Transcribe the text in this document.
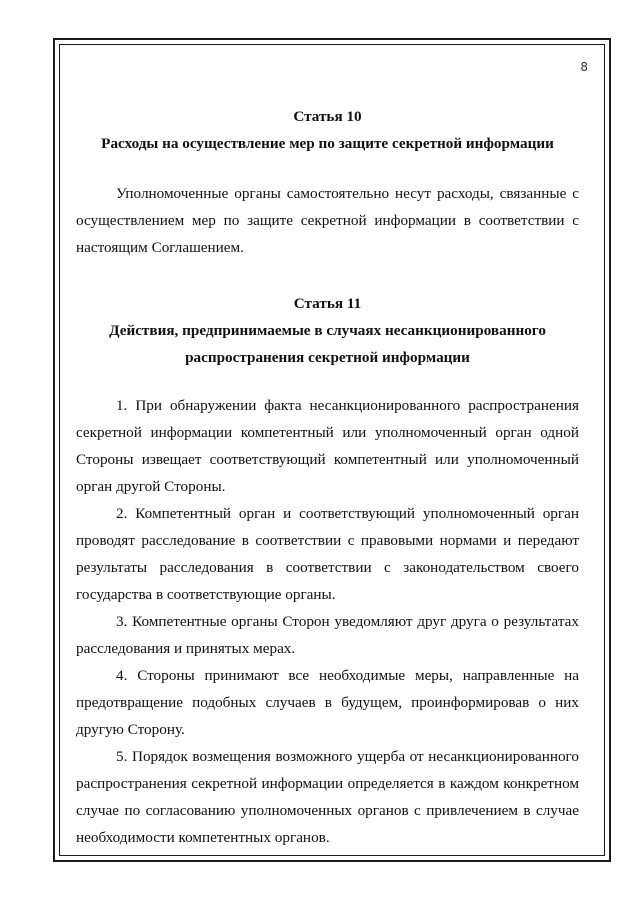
8

Статья 10

Расходы на осуществление мер по защите секретной информации

Уполномоченные органы самостоятельно несут расходы, связанные с осуществлением мер по защите секретной информации в соответствии с настоящим Соглашением.

Статья 11

Действия, предпринимаемые в случаях несанкционированного

распространения секретной информации

1. При обнаружении факта несанкционированного распространения секретной информации компетентный или уполномоченный орган одной Стороны извещает соответствующий компетентный или уполномоченный орган другой Стороны.

2. Компетентный орган и соответствующий уполномоченный орган проводят расследование в соответствии с правовыми нормами и передают результаты расследования в соответствии с законодательством своего государства в соответствующие органы.

3. Компетентные органы Сторон уведомляют друг друга о результатах расследования и принятых мерах.

4. Стороны принимают все необходимые меры, направленные на предотвращение подобных случаев в будущем, проинформировав о них другую Сторону.

5. Порядок возмещения возможного ущерба от несанкционированного распространения секретной информации определяется в каждом конкретном случае по согласованию уполномоченных органов с привлечением в случае необходимости компетентных органов.
